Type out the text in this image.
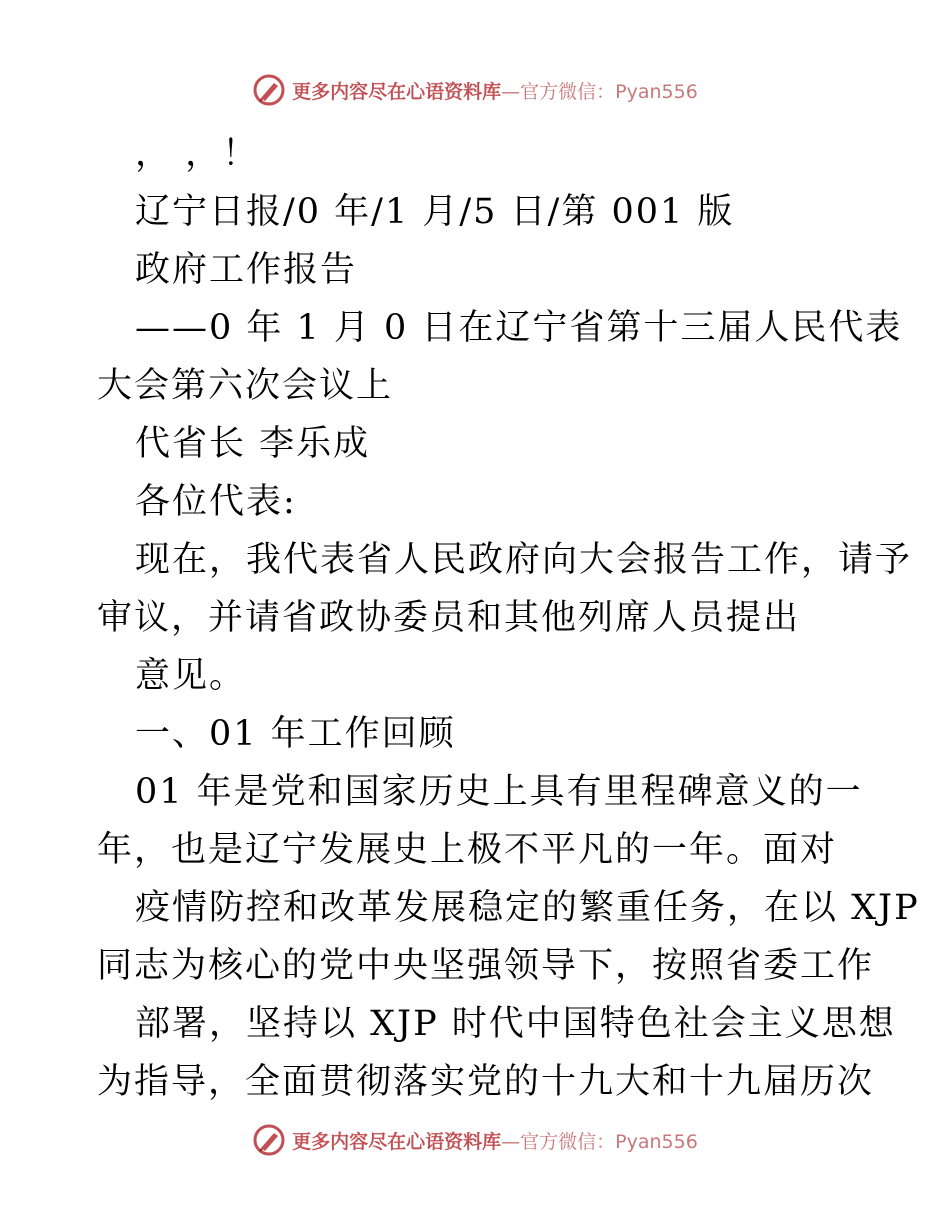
更多内容尽在心语资料库—官方微信：Pyan556
， ，！
辽宁日报/0 年/1 月/5 日/第 001 版
政府工作报告
——0 年 1 月 0 日在辽宁省第十三届人民代表
大会第六次会议上
代省长 李乐成
各位代表:
现在，我代表省人民政府向大会报告工作，请予
审议，并请省政协委员和其他列席人员提出
意见。
一、01 年工作回顾
01 年是党和国家历史上具有里程碑意义的一
年，也是辽宁发展史上极不平凡的一年。面对
疫情防控和改革发展稳定的繁重任务，在以 XJP
同志为核心的党中央坚强领导下，按照省委工作
部署，坚持以 XJP 时代中国特色社会主义思想
为指导，全面贯彻落实党的十九大和十九届历次
更多内容尽在心语资料库—官方微信：Pyan556
